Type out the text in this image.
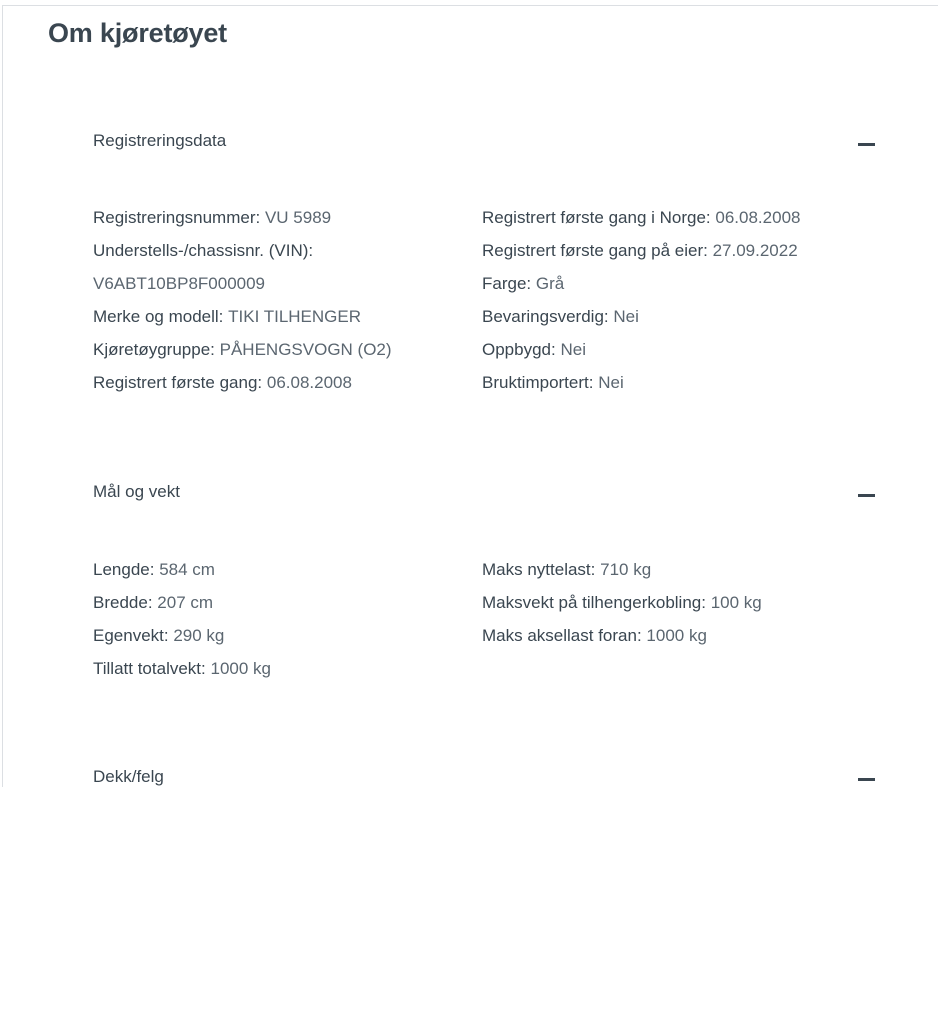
Om kjøretøyet
Registreringsdata
Registreringsnummer: VU 5989
Understells-/chassisnr. (VIN):
V6ABT10BP8F000009
Merke og modell: TIKI TILHENGER
Kjøretøygruppe: PÅHENGSVOGN (O2)
Registrert første gang: 06.08.2008
Registrert første gang i Norge: 06.08.2008
Registrert første gang på eier: 27.09.2022
Farge: Grå
Bevaringsverdig: Nei
Oppbygd: Nei
Bruktimportert: Nei
Mål og vekt
Lengde: 584 cm
Bredde: 207 cm
Egenvekt: 290 kg
Tillatt totalvekt: 1000 kg
Maks nyttelast: 710 kg
Maksvekt på tilhengerkobling: 100 kg
Maks aksellast foran: 1000 kg
Dekk/felg
